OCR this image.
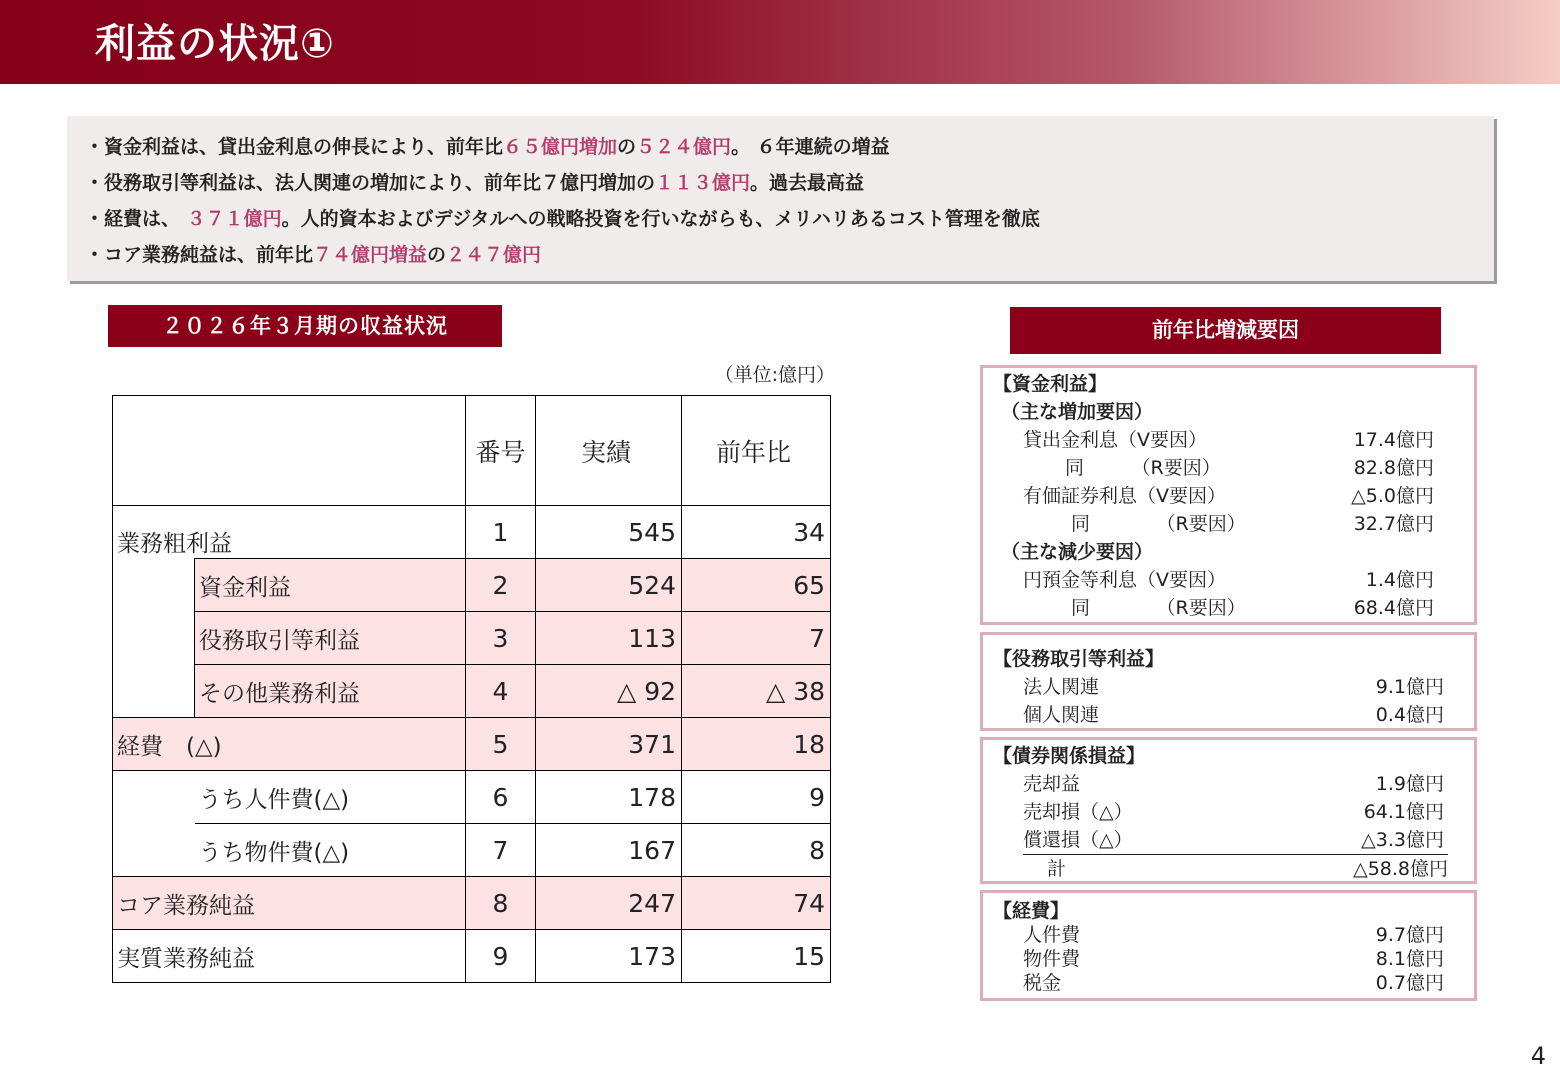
利益の状況①
・資金利益は、貸出金利息の伸長により、前年比６５億円増加の５２４億円。 ６年連続の増益
・役務取引等利益は、法人関連の増加により、前年比７億円増加の１１３億円。過去最高益
・経費は、 ３７１億円。人的資本およびデジタルへの戦略投資を行いながらも、メリハリあるコスト管理を徹底
・コア業務純益は、前年比７４億円増益の２４７億円
２０２６年３月期の収益状況
（単位:億円）
		番号	実績	前年比
業務粗利益		1	545	34
	資金利益	2	524	65
	役務取引等利益	3	113	7
	その他業務利益	4	△ 92	△ 38
経費　(△)		5	371	18
	うち人件費(△)	6	178	9
	うち物件費(△)	7	167	8
コア業務純益		8	247	74
実質業務純益		9	173	15
前年比増減要因
【資金利益】
（主な増加要因）
貸出金利息（V要因）	17.4億円
同　　　（R要因）	82.8億円
有価証券利息（V要因）	△5.0億円
同　　　　（R要因）	32.7億円
（主な減少要因）
円預金等利息（V要因）	1.4億円
同　　　　（R要因）	68.4億円
【役務取引等利益】
法人関連	9.1億円
個人関連	0.4億円
【債券関係損益】
売却益	1.9億円
売却損（△）	64.1億円
償還損（△）	△3.3億円
計	△58.8億円
【経費】
人件費	9.7億円
物件費	8.1億円
税金	0.7億円
4
